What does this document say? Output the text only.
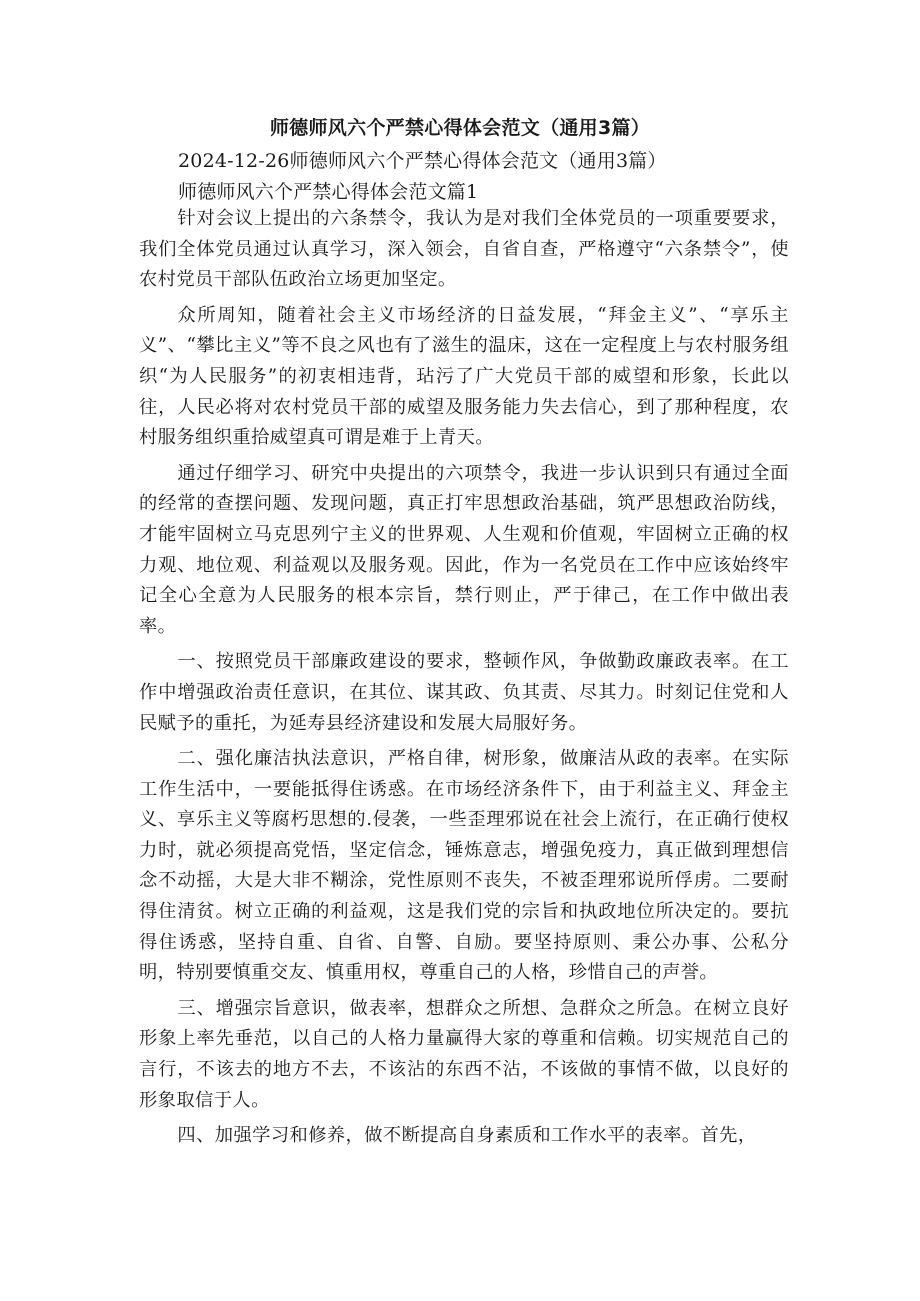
师德师风六个严禁心得体会范文（通用3篇）
2024-12-26师德师风六个严禁心得体会范文（通用3篇）
师德师风六个严禁心得体会范文篇1

针对会议上提出的六条禁令，我认为是对我们全体党员的一项重要要求，我们全体党员通过认真学习，深入领会，自省自查，严格遵守“六条禁令”，使农村党员干部队伍政治立场更加坚定。

众所周知，随着社会主义市场经济的日益发展，“拜金主义”、“享乐主义”、“攀比主义”等不良之风也有了滋生的温床，这在一定程度上与农村服务组织“为人民服务”的初衷相违背，玷污了广大党员干部的威望和形象，长此以往，人民必将对农村党员干部的威望及服务能力失去信心，到了那种程度，农村服务组织重拾威望真可谓是难于上青天。

通过仔细学习、研究中央提出的六项禁令，我进一步认识到只有通过全面的经常的查摆问题、发现问题，真正打牢思想政治基础，筑严思想政治防线，才能牢固树立马克思列宁主义的世界观、人生观和价值观，牢固树立正确的权力观、地位观、利益观以及服务观。因此，作为一名党员在工作中应该始终牢记全心全意为人民服务的根本宗旨，禁行则止，严于律己，在工作中做出表率。

一、按照党员干部廉政建设的要求，整顿作风，争做勤政廉政表率。在工作中增强政治责任意识，在其位、谋其政、负其责、尽其力。时刻记住党和人民赋予的重托，为延寿县经济建设和发展大局服好务。

二、强化廉洁执法意识，严格自律，树形象，做廉洁从政的表率。在实际工作生活中，一要能抵得住诱惑。在市场经济条件下，由于利益主义、拜金主义、享乐主义等腐朽思想的.侵袭，一些歪理邪说在社会上流行，在正确行使权力时，就必须提高党悟，坚定信念，锤炼意志，增强免疫力，真正做到理想信念不动摇，大是大非不糊涂，党性原则不丧失，不被歪理邪说所俘虏。二要耐得住清贫。树立正确的利益观，这是我们党的宗旨和执政地位所决定的。要抗得住诱惑，坚持自重、自省、自警、自励。要坚持原则、秉公办事、公私分明，特别要慎重交友、慎重用权，尊重自己的人格，珍惜自己的声誉。

三、增强宗旨意识，做表率，想群众之所想、急群众之所急。在树立良好形象上率先垂范，以自己的人格力量赢得大家的尊重和信赖。切实规范自己的言行，不该去的地方不去，不该沾的东西不沾，不该做的事情不做，以良好的形象取信于人。

四、加强学习和修养，做不断提高自身素质和工作水平的表率。首先，
